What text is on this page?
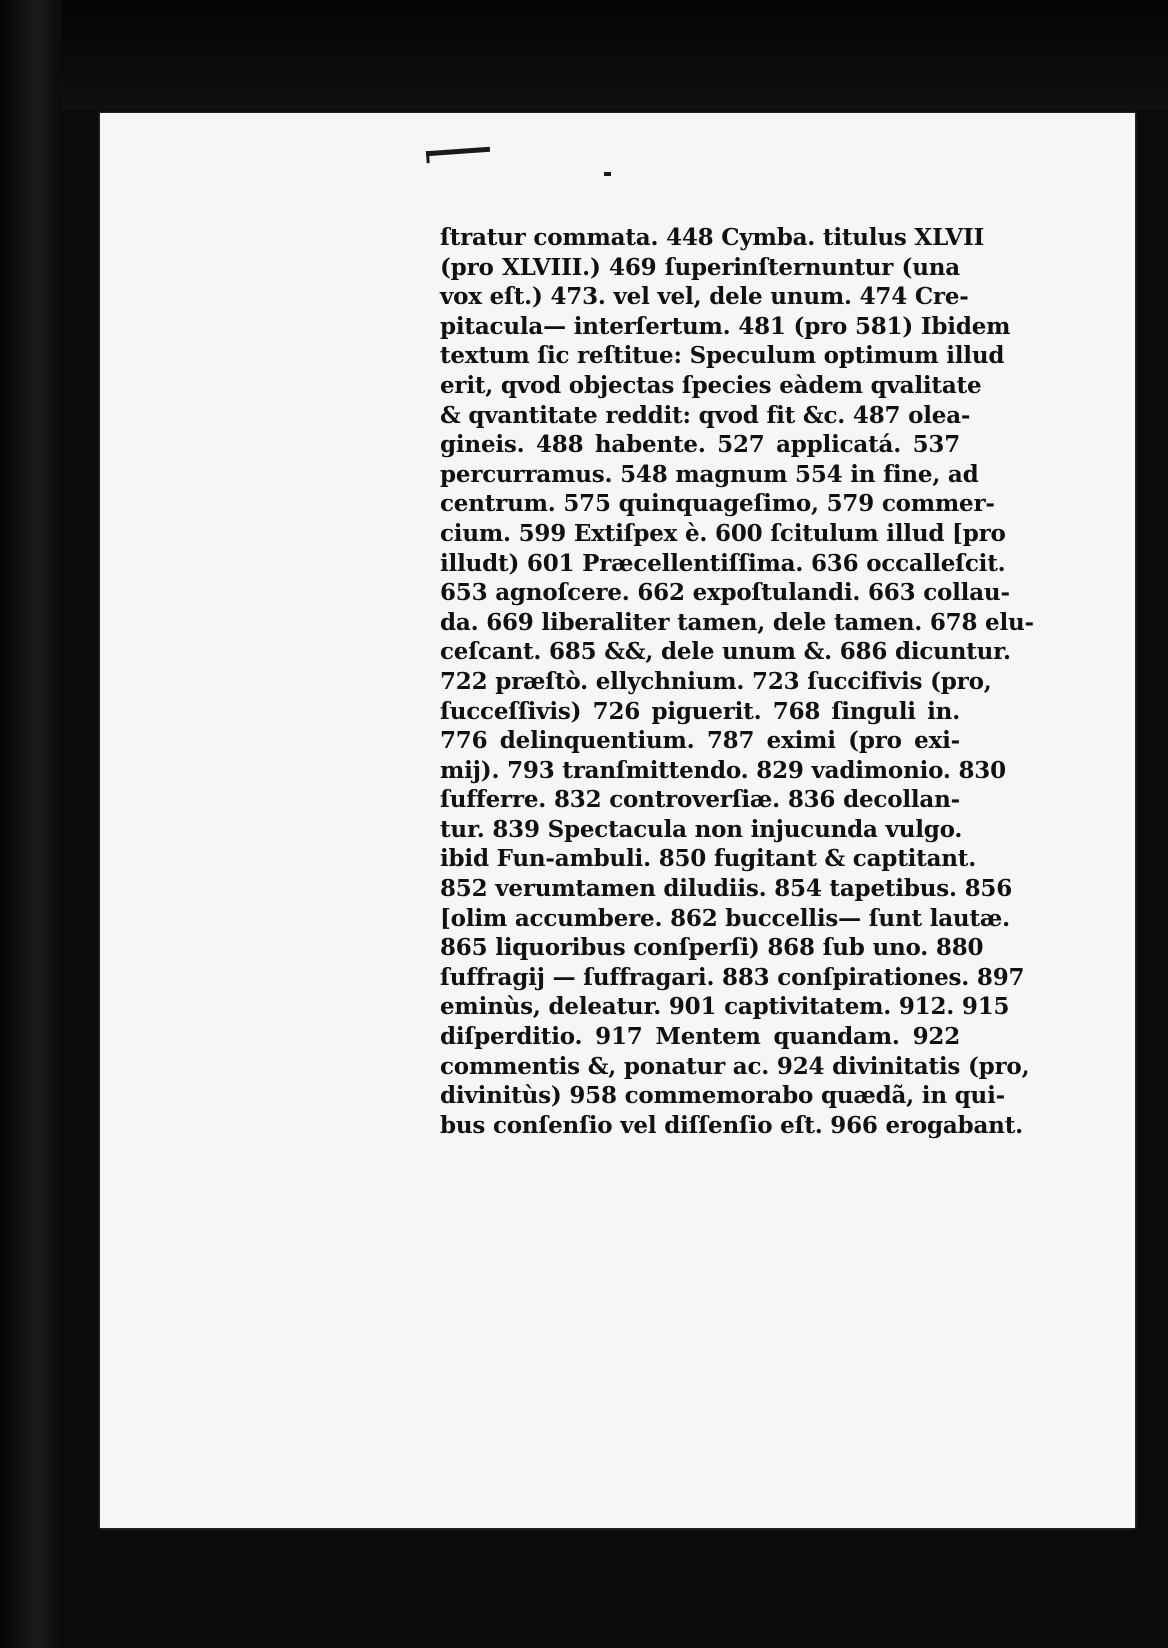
ſtratur commata. 448 Cymba. titulus XLVII
(pro XLVIII.) 469 ſuperinſternuntur (una
vox eſt.) 473. vel vel, dele unum. 474 Cre-
pitacula— interſertum. 481 (pro 581) Ibidem
textum ſic reſtitue: Speculum optimum illud
erit, qvod objectas ſpecies eàdem qvalitate
& qvantitate reddit: qvod fit &c. 487 olea-
gineis. 488 habente. 527 applicatá. 537
percurramus. 548 magnum 554 in fine, ad
centrum. 575 quinquageſimo, 579 commer-
cium. 599 Extiſpex è. 600 ſcitulum illud [pro
illudt) 601 Præcellentiſſima. 636 occalleſcit.
653 agnoſcere. 662 expoſtulandi. 663 collau-
da. 669 liberaliter tamen, dele tamen. 678 elu-
ceſcant. 685 &&, dele unum &. 686 dicuntur.
722 præſtò. ellychnium. 723 ſuccifivis (pro,
ſucceſſivis) 726 piguerit. 768 ſinguli in.
776 delinquentium. 787 eximi (pro exi-
mij). 793 tranſmittendo. 829 vadimonio. 830
ſufferre. 832 controverſiæ. 836 decollan-
tur. 839 Spectacula non injucunda vulgo.
ibid Fun-ambuli. 850 fugitant & captitant.
852 verumtamen diludiis. 854 tapetibus. 856
[olim accumbere. 862 buccellis— ſunt lautæ.
865 liquoribus conſperſi) 868 ſub uno. 880
ſuffragij — ſuffragari. 883 conſpirationes. 897
eminùs, deleatur. 901 captivitatem. 912. 915
diſperditio. 917 Mentem quandam. 922
commentis &, ponatur ac. 924 divinitatis (pro,
divinitùs) 958 commemorabo quædã, in qui-
bus conſenſio vel diſſenſio eſt. 966 erogabant.
